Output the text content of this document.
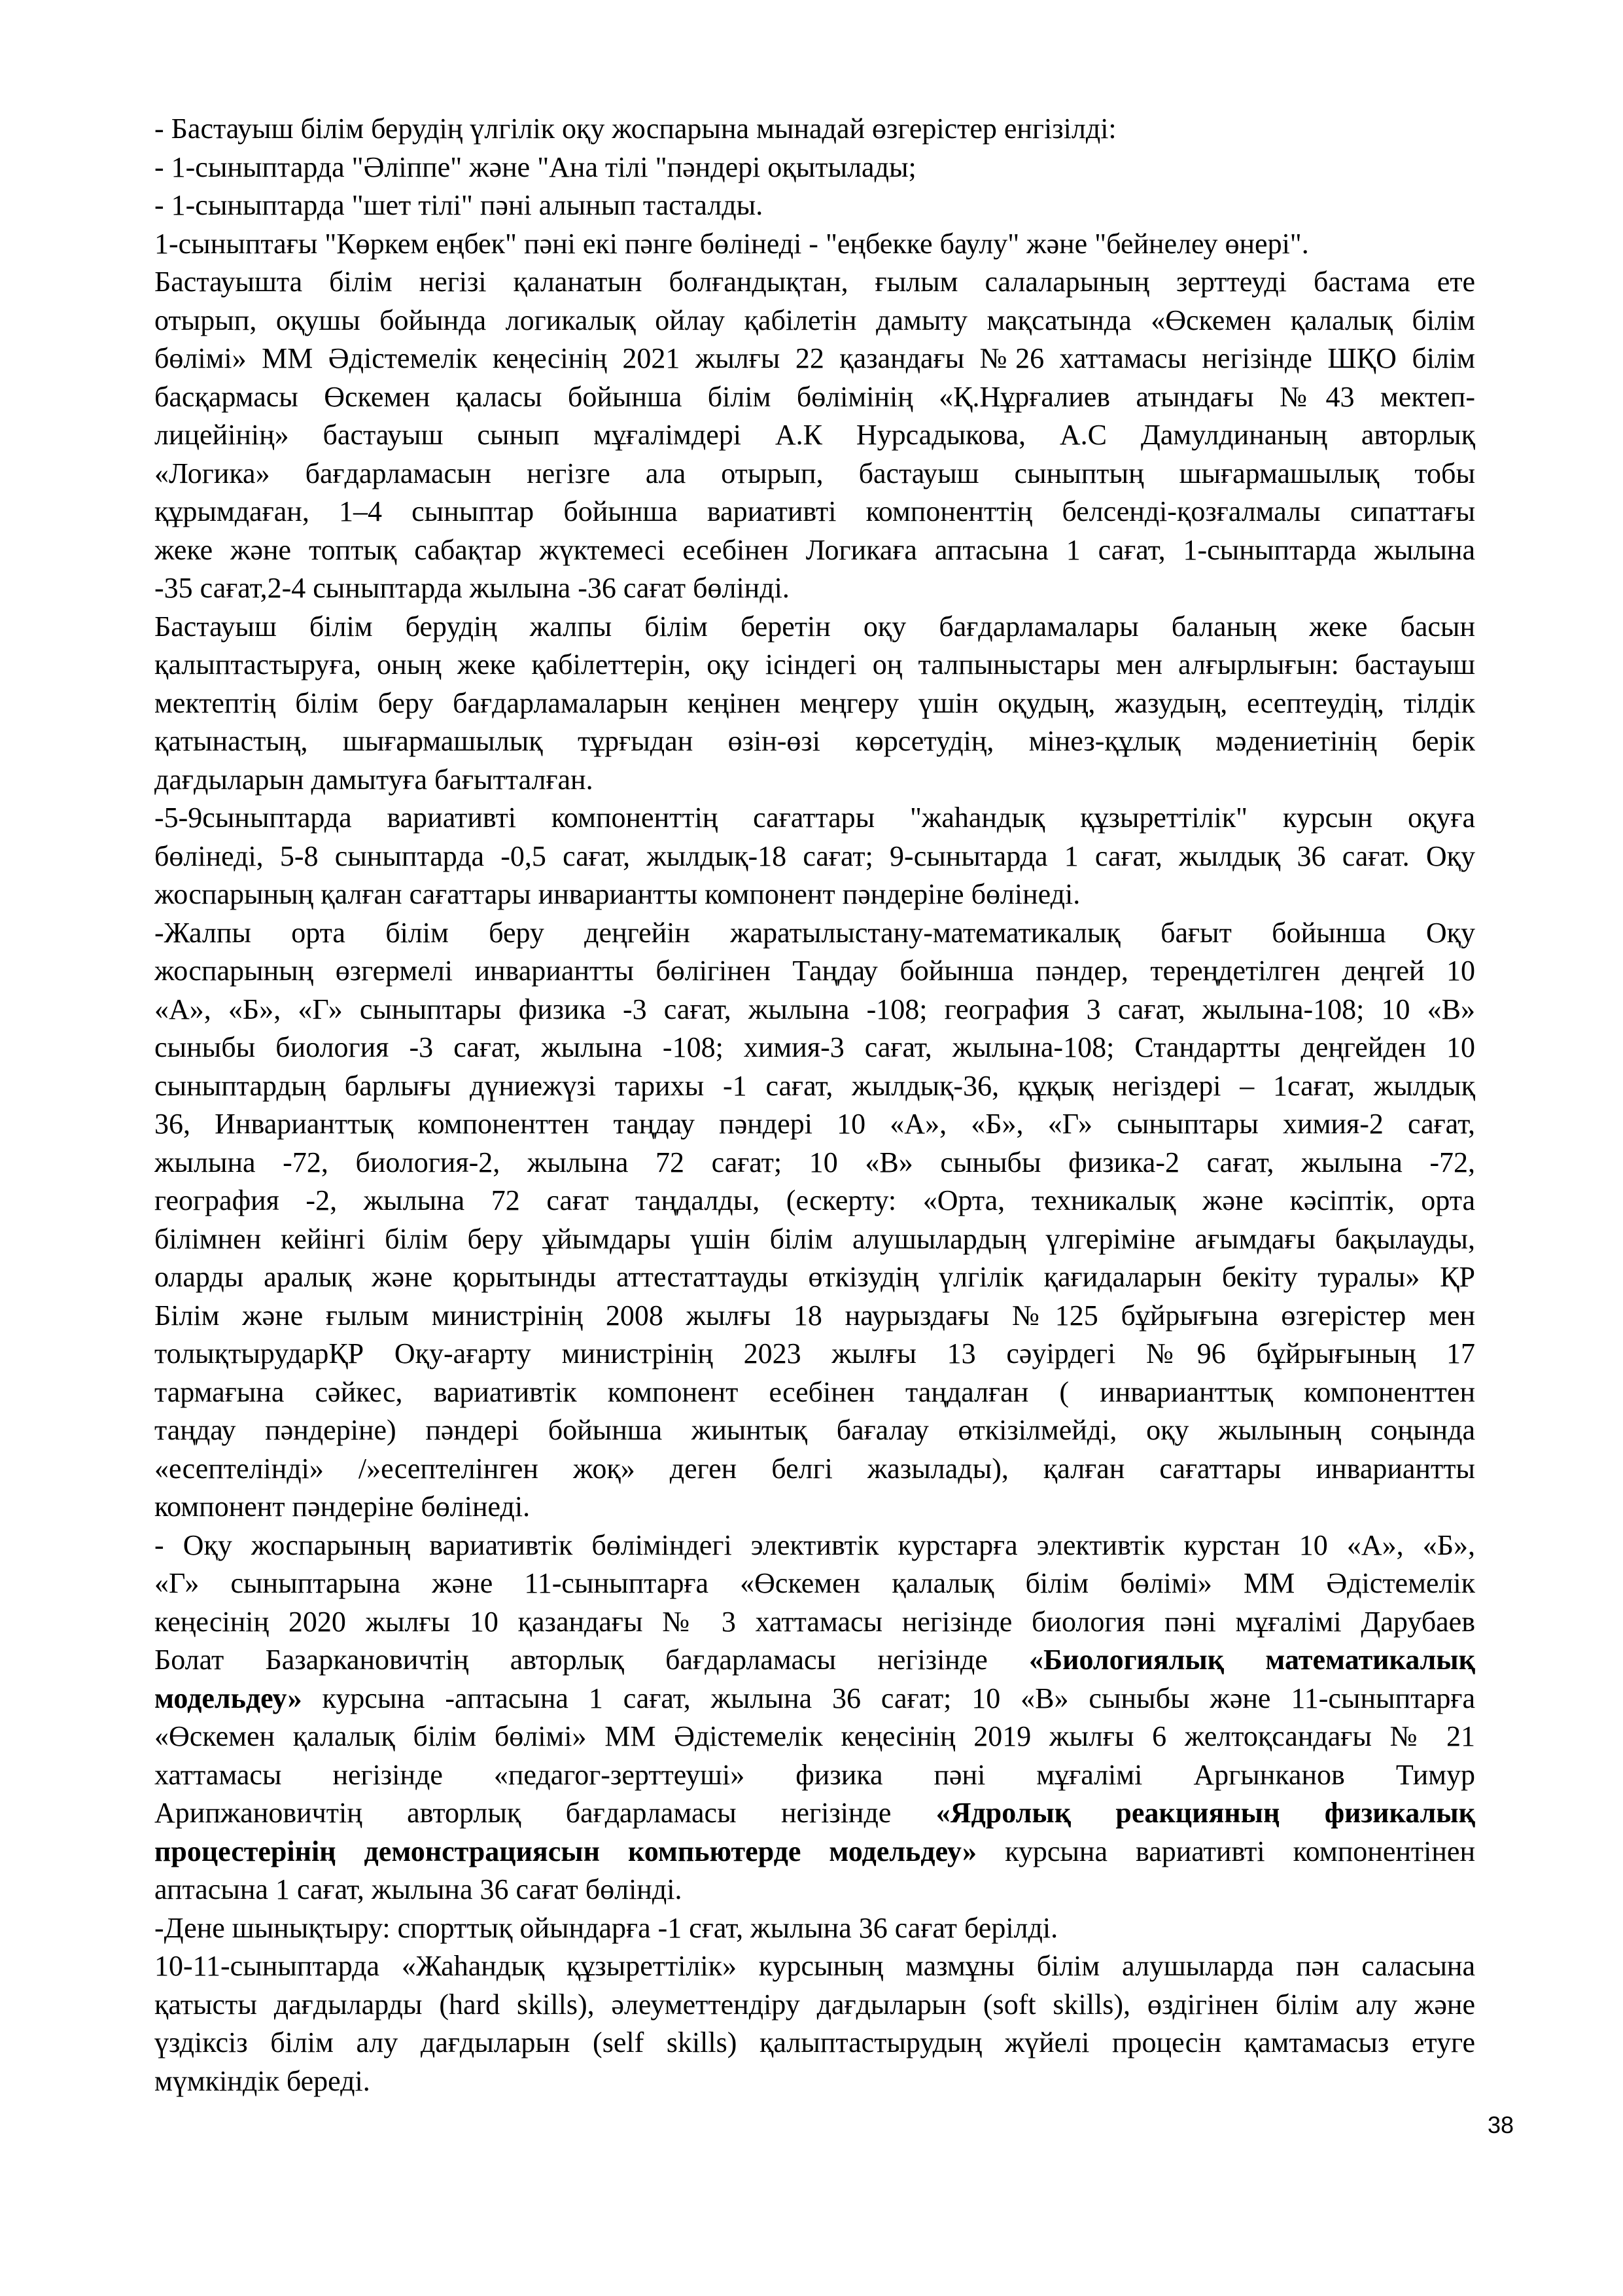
- Бастауыш білім берудің үлгілік оқу жоспарына мынадай өзгерістер енгізілді:
- 1-сыныптарда "Әліппе" және "Ана тілі "пәндері оқытылады;
- 1-сыныптарда "шет тілі" пәні алынып тасталды.
1-сыныптағы "Көркем еңбек" пәні екі пәнге бөлінеді - "еңбекке баулу" және "бейнелеу өнері".
Бастауышта білім негізі қаланатын болғандықтан, ғылым салаларының зерттеуді бастама ете
отырып, оқушы бойында логикалық ойлау қабілетін дамыту мақсатында «Өскемен қалалық білім
бөлімі» ММ Әдістемелік кеңесінің 2021 жылғы 22 қазандағы №26 хаттамасы негізінде ШҚО білім
басқармасы Өскемен қаласы бойынша білім бөлімінің «Қ.Нұрғалиев атындағы №43 мектеп-
лицейінің» бастауыш сынып мұғалімдері А.К Нурсадыкова, А.С Дамулдинаның авторлық
«Логика» бағдарламасын негізге ала отырып, бастауыш сыныптың шығармашылық тобы
құрымдаған, 1–4 сыныптар бойынша вариативті компоненттің белсенді-қозғалмалы сипаттағы
жеке және топтық сабақтар жүктемесі есебінен Логикаға аптасына 1 сағат, 1-сыныптарда жылына
-35 сағат,2-4 сыныптарда жылына -36 сағат бөлінді.
Бастауыш білім берудің жалпы білім беретін оқу бағдарламалары баланың жеке басын
қалыптастыруға, оның жеке қабілеттерін, оқу ісіндегі оң талпыныстары мен алғырлығын: бастауыш
мектептің білім беру бағдарламаларын кеңінен меңгеру үшін оқудың, жазудың, есептеудің, тілдік
қатынастың, шығармашылық тұрғыдан өзін-өзі көрсетудің, мінез-құлық мәдениетінің берік
дағдыларын дамытуға бағытталған.
-5-9сыныптарда вариативті компоненттің сағаттары "жаһандық құзыреттілік" курсын оқуға
бөлінеді, 5-8 сыныптарда -0,5 сағат, жылдық-18 сағат; 9-сынытарда 1 сағат, жылдық 36 сағат. Оқу
жоспарының қалған сағаттары инвариантты компонент пәндеріне бөлінеді.
-Жалпы орта білім беру деңгейін жаратылыстану-математикалық бағыт бойынша Оқу
жоспарының өзгермелі инвариантты бөлігінен Таңдау бойынша пәндер, тереңдетілген деңгей 10
«А», «Б», «Г» сыныптары физика -3 сағат, жылына -108; география 3 сағат, жылына-108; 10 «В»
сыныбы биология -3 сағат, жылына -108; химия-3 сағат, жылына-108; Стандартты деңгейден 10
сыныптардың барлығы дүниежүзі тарихы -1 сағат, жылдық-36, құқық негіздері – 1сағат, жылдық
36, Инварианттық компоненттен таңдау пәндері 10 «А», «Б», «Г» сыныптары химия-2 сағат,
жылына -72, биология-2, жылына 72 сағат; 10 «В» сыныбы физика-2 сағат, жылына -72,
география -2, жылына 72 сағат таңдалды, (ескерту: «Орта, техникалық және кәсіптік, орта
білімнен кейінгі білім беру ұйымдары үшін білім алушылардың үлгеріміне ағымдағы бақылауды,
оларды аралық және қорытынды аттестаттауды өткізудің үлгілік қағидаларын бекіту туралы» ҚР
Білім және ғылым министрінің 2008 жылғы 18 наурыздағы №125 бұйрығына өзгерістер мен
толықтырударҚР Оқу-ағарту министрінің 2023 жылғы 13 сәуірдегі №96 бұйрығының 17
тармағына сәйкес, вариативтік компонент есебінен таңдалған ( инварианттық компоненттен
таңдау пәндеріне) пәндері бойынша жиынтық бағалау өткізілмейді, оқу жылының соңында
«есептелінді» /»есептелінген жоқ» деген белгі жазылады), қалған сағаттары инвариантты
компонент пәндеріне бөлінеді.
- Оқу жоспарының вариативтік бөліміндегі элективтік курстарға элективтік курстан 10 «А», «Б»,
«Г» сыныптарына және 11-сыныптарға «Өскемен қалалық білім бөлімі» ММ Әдістемелік
кеңесінің 2020 жылғы 10 қазандағы № 3 хаттамасы негізінде биология пәні мұғалімі Дарубаев
Болат Базаркановичтің авторлық бағдарламасы негізінде «Биологиялық математикалық
модельдеу» курсына -аптасына 1 сағат, жылына 36 сағат; 10 «В» сыныбы және 11-сыныптарға
«Өскемен қалалық білім бөлімі» ММ Әдістемелік кеңесінің 2019 жылғы 6 желтоқсандағы № 21
хаттамасы негізінде «педагог-зерттеуші» физика пәні мұғалімі Аргынканов Тимур
Арипжановичтің авторлық бағдарламасы негізінде «Ядролық реакцияның физикалық
процестерінің демонстрациясын компьютерде модельдеу» курсына вариативті компонентінен
аптасына 1 сағат, жылына 36 сағат бөлінді.
-Дене шынықтыру: спорттық ойындарға -1 сғат, жылына 36 сағат берілді.
10-11-сыныптарда «Жаһандық құзыреттілік» курсының мазмұны білім алушыларда пән саласына
қатысты дағдыларды (hard skills), әлеуметтендіру дағдыларын (soft skills), өздігінен білім алу және
үздіксіз білім алу дағдыларын (self skills) қалыптастырудың жүйелі процесін қамтамасыз етуге
мүмкіндік береді.
38
